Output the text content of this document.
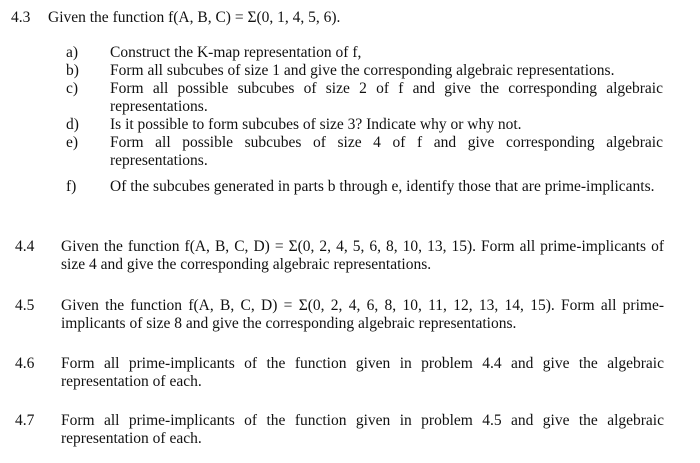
4.3 Given the function f(A, B, C) = Σ(0, 1, 4, 5, 6).
a)	Construct the K-map representation of f,
b)	Form all subcubes of size 1 and give the corresponding algebraic representations.
c)	Form all possible subcubes of size 2 of f and give the corresponding algebraic representations.
d)	Is it possible to form subcubes of size 3? Indicate why or why not.
e)	Form all possible subcubes of size 4 of f and give corresponding algebraic representations.
f)	Of the subcubes generated in parts b through e, identify those that are prime-implicants.
4.4	Given the function f(A, B, C, D) = Σ(0, 2, 4, 5, 6, 8, 10, 13, 15). Form all prime-implicants of size 4 and give the corresponding algebraic representations.
4.5	Given the function f(A, B, C, D) = Σ(0, 2, 4, 6, 8, 10, 11, 12, 13, 14, 15). Form all prime-implicants of size 8 and give the corresponding algebraic representations.
4.6	Form all prime-implicants of the function given in problem 4.4 and give the algebraic representation of each.
4.7	Form all prime-implicants of the function given in problem 4.5 and give the algebraic representation of each.
